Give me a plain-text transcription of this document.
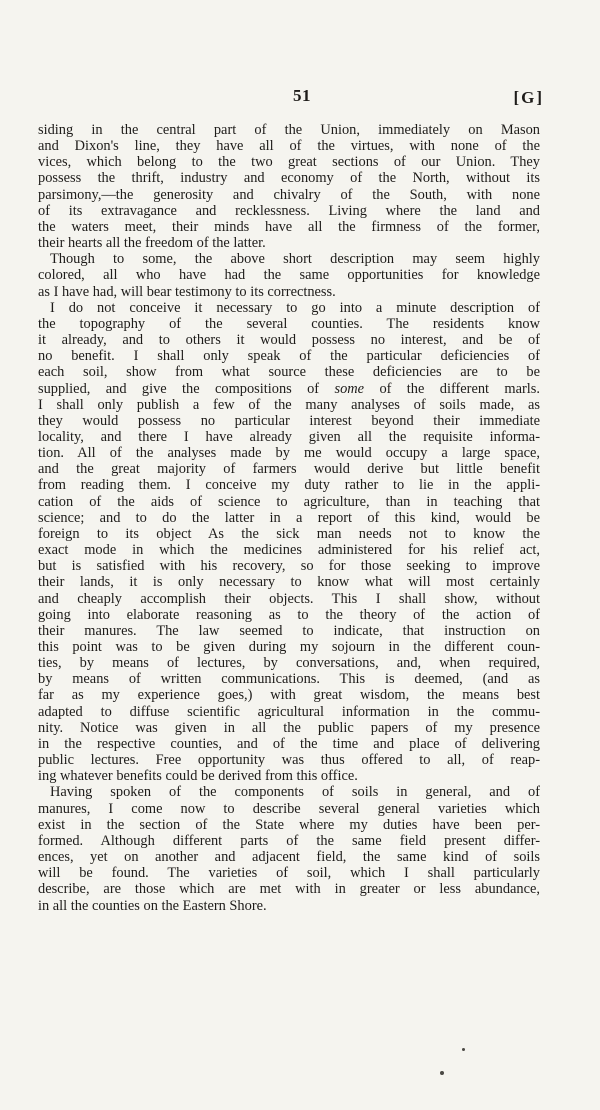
51	[G]
siding in the central part of the Union, immediately on Mason
and Dixon's line, they have all of the virtues, with none of the
vices, which belong to the two great sections of our Union. They
possess the thrift, industry and economy of the North, without its
parsimony,—the generosity and chivalry of the South, with none
of its extravagance and recklessness. Living where the land and
the waters meet, their minds have all the firmness of the former,
their hearts all the freedom of the latter.
Though to some, the above short description may seem highly
colored, all who have had the same opportunities for knowledge
as I have had, will bear testimony to its correctness.
I do not conceive it necessary to go into a minute description of
the topography of the several counties. The residents know
it already, and to others it would possess no interest, and be of
no benefit. I shall only speak of the particular deficiencies of
each soil, show from what source these deficiencies are to be
supplied, and give the compositions of some of the different marls.
I shall only publish a few of the many analyses of soils made, as
they would possess no particular interest beyond their immediate
locality, and there I have already given all the requisite informa-
tion. All of the analyses made by me would occupy a large space,
and the great majority of farmers would derive but little benefit
from reading them. I conceive my duty rather to lie in the appli-
cation of the aids of science to agriculture, than in teaching that
science; and to do the latter in a report of this kind, would be
foreign to its object As the sick man needs not to know the
exact mode in which the medicines administered for his relief act,
but is satisfied with his recovery, so for those seeking to improve
their lands, it is only necessary to know what will most certainly
and cheaply accomplish their objects. This I shall show, without
going into elaborate reasoning as to the theory of the action of
their manures. The law seemed to indicate, that instruction on
this point was to be given during my sojourn in the different coun-
ties, by means of lectures, by conversations, and, when required,
by means of written communications. This is deemed, (and as
far as my experience goes,) with great wisdom, the means best
adapted to diffuse scientific agricultural information in the commu-
nity. Notice was given in all the public papers of my presence
in the respective counties, and of the time and place of delivering
public lectures. Free opportunity was thus offered to all, of reap-
ing whatever benefits could be derived from this office.
Having spoken of the components of soils in general, and of
manures, I come now to describe several general varieties which
exist in the section of the State where my duties have been per-
formed. Although different parts of the same field present differ-
ences, yet on another and adjacent field, the same kind of soils
will be found. The varieties of soil, which I shall particularly
describe, are those which are met with in greater or less abundance,
in all the counties on the Eastern Shore.
